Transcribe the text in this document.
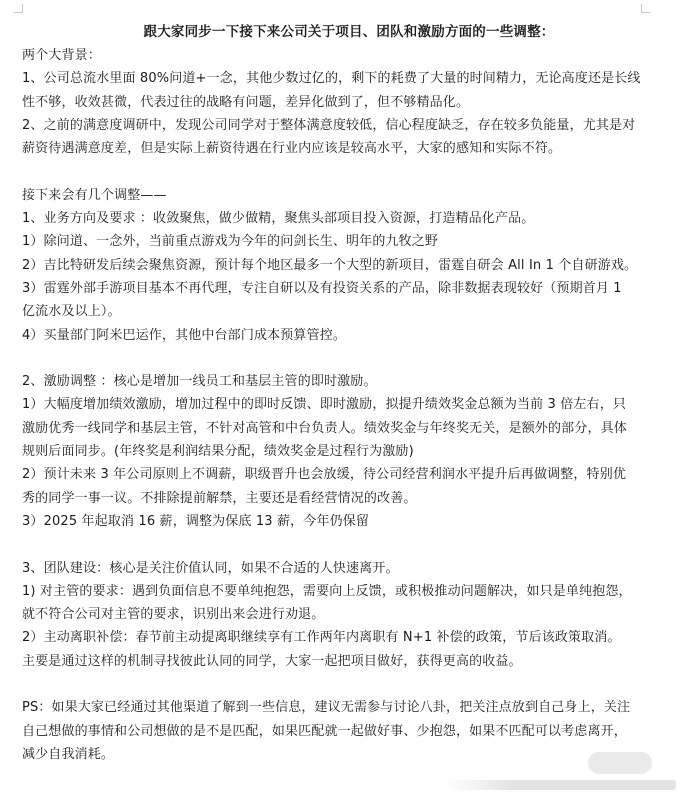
跟大家同步一下接下来公司关于项目、团队和激励方面的一些调整：
两个大背景：
1、公司总流水里面 80%问道+一念，其他少数过亿的，剩下的耗费了大量的时间精力，无论高度还是长线
性不够，收效甚微，代表过往的战略有问题，差异化做到了，但不够精品化。
2、之前的满意度调研中，发现公司同学对于整体满意度较低，信心程度缺乏，存在较多负能量，尤其是对
薪资待遇满意度差，但是实际上薪资待遇在行业内应该是较高水平，大家的感知和实际不符。
接下来会有几个调整——
1、业务方向及要求 ：收敛聚焦，做少做精，聚焦头部项目投入资源，打造精品化产品。
1）除问道、一念外，当前重点游戏为今年的问剑长生、明年的九牧之野
2）吉比特研发后续会聚焦资源，预计每个地区最多一个大型的新项目，雷霆自研会 All In 1 个自研游戏。
3）雷霆外部手游项目基本不再代理，专注自研以及有投资关系的产品，除非数据表现较好（预期首月 1
亿流水及以上）。
4）买量部门阿米巴运作，其他中台部门成本预算管控。
2、激励调整 ：核心是增加一线员工和基层主管的即时激励。
1）大幅度增加绩效激励，增加过程中的即时反馈、即时激励，拟提升绩效奖金总额为当前 3 倍左右，只
激励优秀一线同学和基层主管，不针对高管和中台负责人。绩效奖金与年终奖无关，是额外的部分，具体
规则后面同步。(年终奖是利润结果分配，绩效奖金是过程行为激励)
2）预计未来 3 年公司原则上不调薪，职级晋升也会放缓，待公司经营利润水平提升后再做调整，特别优
秀的同学一事一议。不排除提前解禁，主要还是看经营情况的改善。
3）2025 年起取消 16 薪，调整为保底 13 薪，今年仍保留
3、团队建设：核心是关注价值认同，如果不合适的人快速离开。
1) 对主管的要求：遇到负面信息不要单纯抱怨，需要向上反馈，或积极推动问题解决，如只是单纯抱怨，
就不符合公司对主管的要求，识别出来会进行劝退。
2）主动离职补偿：春节前主动提离职继续享有工作两年内离职有 N+1 补偿的政策，节后该政策取消。
主要是通过这样的机制寻找彼此认同的同学，大家一起把项目做好，获得更高的收益。
PS：如果大家已经通过其他渠道了解到一些信息，建议无需参与讨论八卦，把关注点放到自己身上，关注
自己想做的事情和公司想做的是不是匹配，如果匹配就一起做好事、少抱怨，如果不匹配可以考虑离开，
减少自我消耗。
